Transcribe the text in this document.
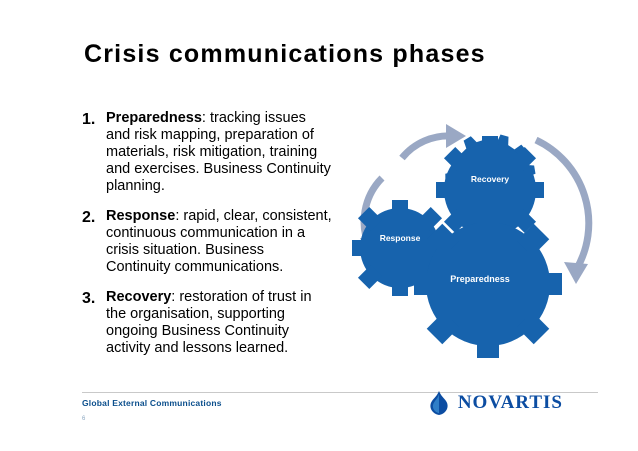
Crisis communications phases
1. Preparedness: tracking issues and risk mapping, preparation of materials, risk mitigation, training and exercises. Business Continuity planning.
2. Response: rapid, clear, consistent, continuous communication in a crisis situation. Business Continuity communications.
3. Recovery: restoration of trust in the organisation, supporting ongoing Business Continuity activity and lessons learned.
Recovery
Response
Preparedness
Global External Communications
6
NOVARTIS
